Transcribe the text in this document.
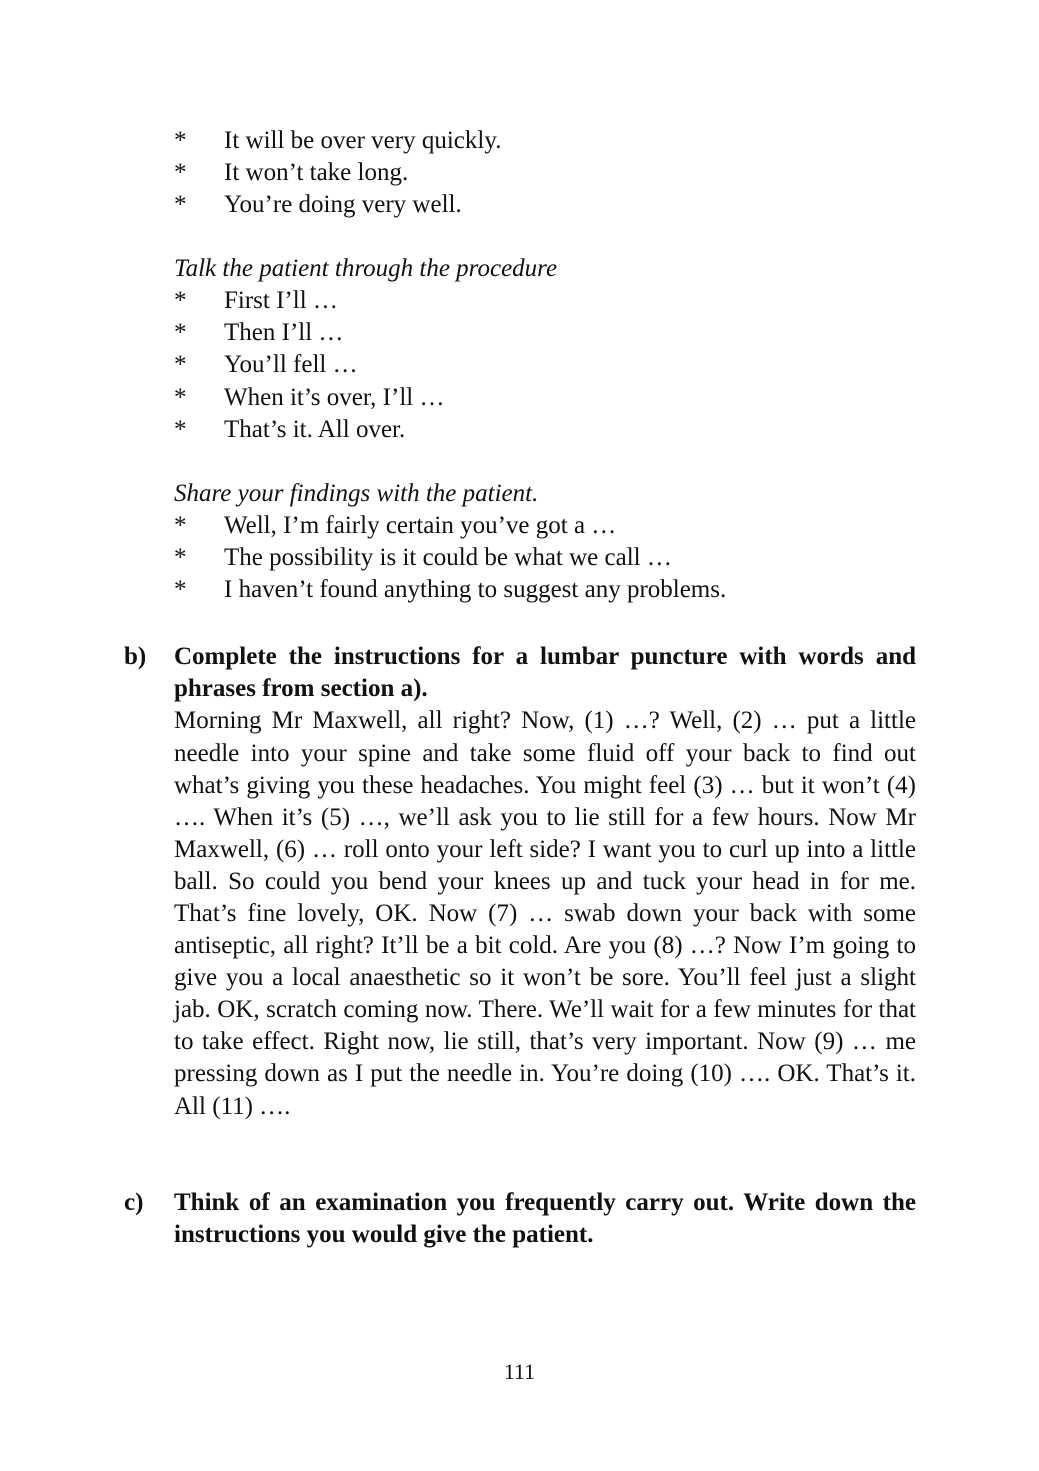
* It will be over very quickly.
* It won’t take long.
* You’re doing very well.

Talk the patient through the procedure

* First I’ll …
* Then I’ll …
* You’ll fell …
* When it’s over, I’ll …
* That’s it. All over.

Share your findings with the patient.

* Well, I’m fairly certain you’ve got a …
* The possibility is it could be what we call …
* I haven’t found anything to suggest any problems.
b) Complete the instructions for a lumbar puncture with words and phrases from section a).

Morning Mr Maxwell, all right? Now, (1) …? Well, (2) … put a little needle into your spine and take some fluid off your back to find out what’s giving you these headaches. You might feel (3) … but it won’t (4) …. When it’s (5) …, we’ll ask you to lie still for a few hours. Now Mr Maxwell, (6) … roll onto your left side? I want you to curl up into a little ball. So could you bend your knees up and tuck your head in for me. That’s fine lovely, OK. Now (7) … swab down your back with some antiseptic, all right? It’ll be a bit cold. Are you (8) …? Now I’m going to give you a local anaesthetic so it won’t be sore. You’ll feel just a slight jab. OK, scratch coming now. There. We’ll wait for a few minutes for that to take effect. Right now, lie still, that’s very important. Now (9) … me pressing down as I put the needle in. You’re doing (10) …. OK. That’s it. All (11) ….

c) Think of an examination you frequently carry out. Write down the instructions you would give the patient.

111
